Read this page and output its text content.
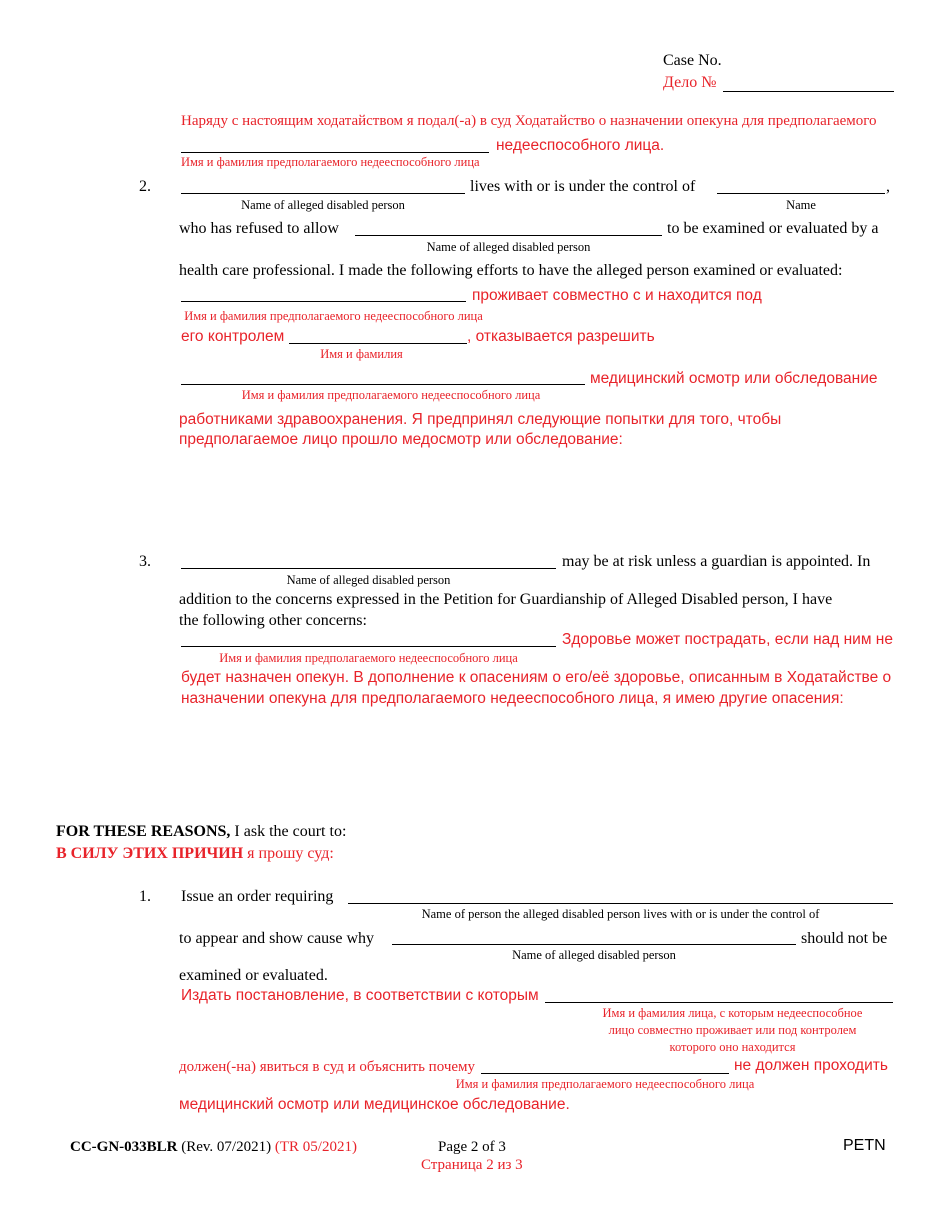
Case No.
Дело №
Наряду с настоящим ходатайством я подал(-а) в суд Ходатайство о назначении опекуна для предполагаемого
недееспособного лица.
Имя и фамилия предполагаемого недееспособного лица
2.	lives with or is under the control of	,
Name of alleged disabled person	Name
who has refused to allow	to be examined or evaluated by a
Name of alleged disabled person
health care professional. I made the following efforts to have the alleged person examined or evaluated:
проживает совместно с и находится под
Имя и фамилия предполагаемого недееспособного лица
его контролем	, отказывается разрешить
Имя и фамилия
медицинский осмотр или обследование
Имя и фамилия предполагаемого недееспособного лица
работниками здравоохранения. Я предпринял следующие попытки для того, чтобы
предполагаемое лицо прошло медосмотр или обследование:
3.	may be at risk unless a guardian is appointed. In
Name of alleged disabled person
addition to the concerns expressed in the Petition for Guardianship of Alleged Disabled person, I have
the following other concerns:
Здоровье может пострадать, если над ним не
Имя и фамилия предполагаемого недееспособного лица
будет назначен опекун. В дополнение к опасениям о его/её здоровье, описанным в Ходатайстве о
назначении опекуна для предполагаемого недееспособного лица, я имею другие опасения:
FOR THESE REASONS, I ask the court to:
В СИЛУ ЭТИХ ПРИЧИН я прошу суд:
1. Issue an order requiring
Name of person the alleged disabled person lives with or is under the control of
to appear and show cause why	should not be
Name of alleged disabled person
examined or evaluated.
Издать постановление, в соответствии с которым
Имя и фамилия лица, с которым недееспособное
лицо совместно проживает или под контролем
которого оно находится
должен(-на) явиться в суд и объяснить почему	не должен проходить
Имя и фамилия предполагаемого недееспособного лица
медицинский осмотр или медицинское обследование.
CC-GN-033BLR (Rev. 07/2021) (TR 05/2021)	Page 2 of 3
Страница 2 из 3
PETN
